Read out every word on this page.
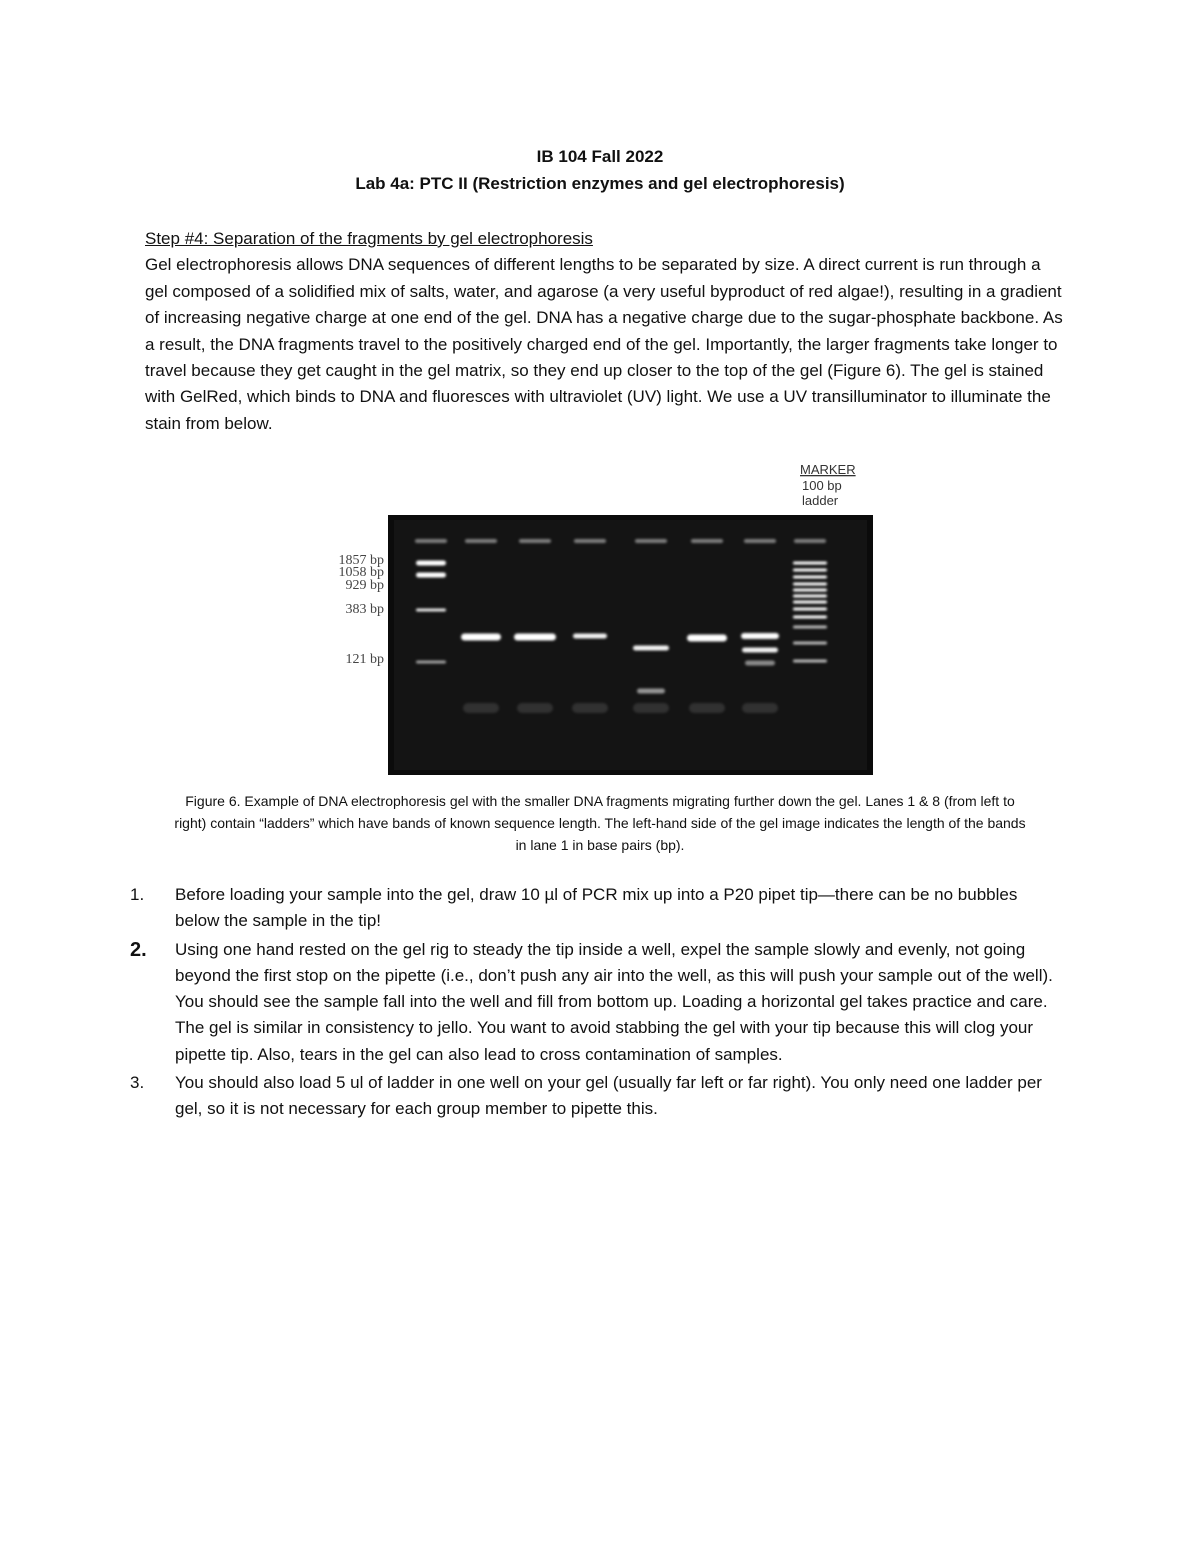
IB 104 Fall 2022
Lab 4a: PTC II (Restriction enzymes and gel electrophoresis)
Step #4: Separation of the fragments by gel electrophoresis
Gel electrophoresis allows DNA sequences of different lengths to be separated by size. A direct current is run through a gel composed of a solidified mix of salts, water, and agarose (a very useful byproduct of red algae!), resulting in a gradient of increasing negative charge at one end of the gel. DNA has a negative charge due to the sugar-phosphate backbone. As a result, the DNA fragments travel to the positively charged end of the gel. Importantly, the larger fragments take longer to travel because they get caught in the gel matrix, so they end up closer to the top of the gel (Figure 6). The gel is stained with GelRed, which binds to DNA and fluoresces with ultraviolet (UV) light. We use a UV transilluminator to illuminate the stain from below.
MARKER
100 bp
ladder
1857 bp
1058 bp
929 bp
383 bp
121 bp
Figure 6. Example of DNA electrophoresis gel with the smaller DNA fragments migrating further down the gel. Lanes 1 & 8 (from left to right) contain “ladders” which have bands of known sequence length. The left-hand side of the gel image indicates the length of the bands in lane 1 in base pairs (bp).
1.	Before loading your sample into the gel, draw 10 µl of PCR mix up into a P20 pipet tip—there can be no bubbles below the sample in the tip!
2.	Using one hand rested on the gel rig to steady the tip inside a well, expel the sample slowly and evenly, not going beyond the first stop on the pipette (i.e., don’t push any air into the well, as this will push your sample out of the well). You should see the sample fall into the well and fill from bottom up. Loading a horizontal gel takes practice and care. The gel is similar in consistency to jello. You want to avoid stabbing the gel with your tip because this will clog your pipette tip. Also, tears in the gel can also lead to cross contamination of samples.
3.	You should also load 5 ul of ladder in one well on your gel (usually far left or far right). You only need one ladder per gel, so it is not necessary for each group member to pipette this.
